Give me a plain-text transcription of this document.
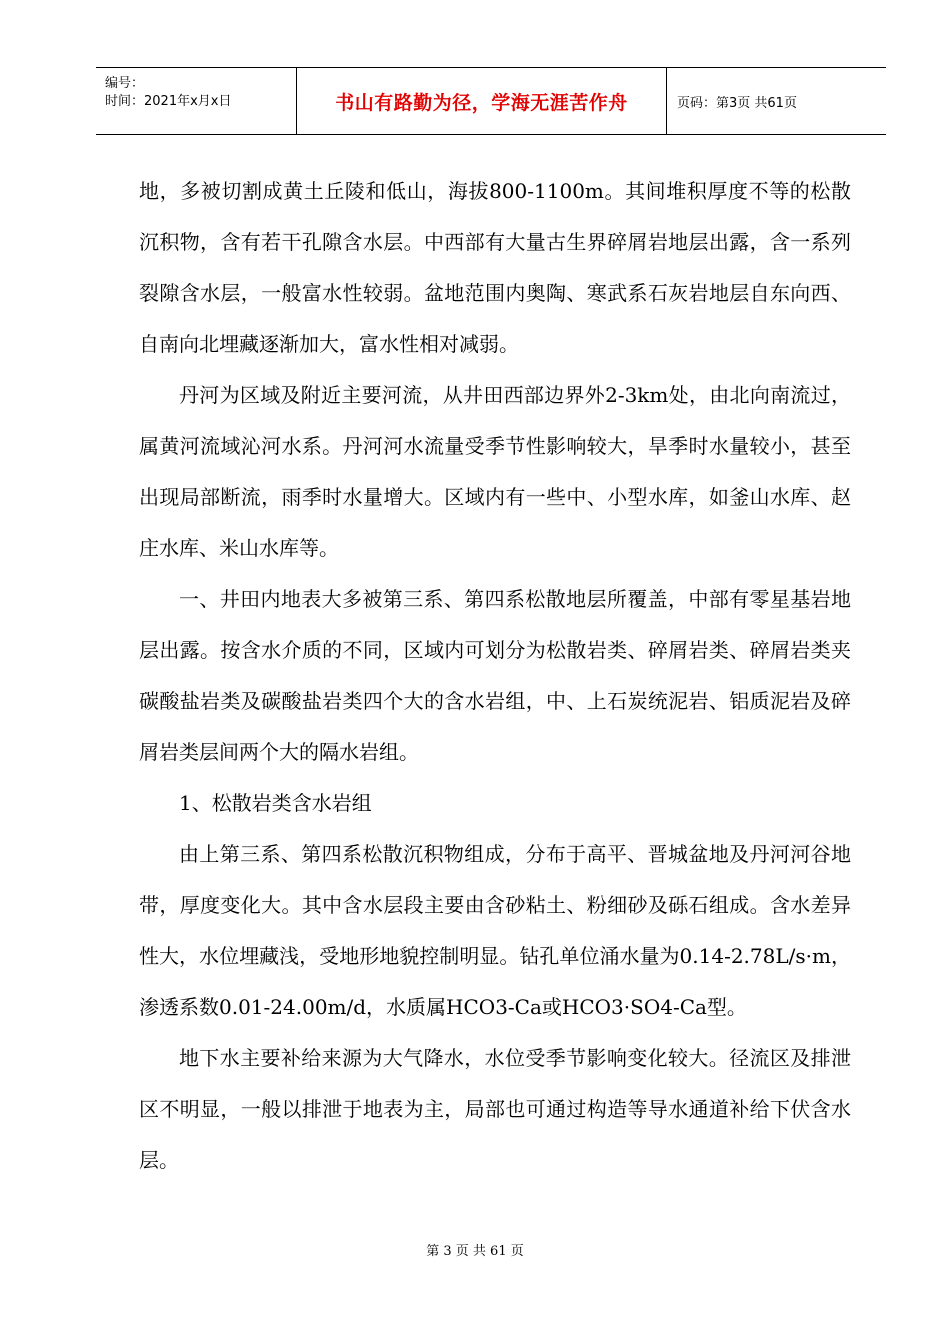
编号：
时间：2021年x月x日	书山有路勤为径，学海无涯苦作舟	页码：第3页 共61页

地，多被切割成黄土丘陵和低山，海拔800-1100m。其间堆积厚度不等的松散沉积物，含有若干孔隙含水层。中西部有大量古生界碎屑岩地层出露，含一系列裂隙含水层，一般富水性较弱。盆地范围内奥陶、寒武系石灰岩地层自东向西、自南向北埋藏逐渐加大，富水性相对减弱。

丹河为区域及附近主要河流，从井田西部边界外2-3km处，由北向南流过，属黄河流域沁河水系。丹河河水流量受季节性影响较大，旱季时水量较小，甚至出现局部断流，雨季时水量增大。区域内有一些中、小型水库，如釜山水库、赵庄水库、米山水库等。

一、井田内地表大多被第三系、第四系松散地层所覆盖，中部有零星基岩地层出露。按含水介质的不同，区域内可划分为松散岩类、碎屑岩类、碎屑岩类夹碳酸盐岩类及碳酸盐岩类四个大的含水岩组，中、上石炭统泥岩、铝质泥岩及碎屑岩类层间两个大的隔水岩组。

1、松散岩类含水岩组

由上第三系、第四系松散沉积物组成，分布于高平、晋城盆地及丹河河谷地带，厚度变化大。其中含水层段主要由含砂粘土、粉细砂及砾石组成。含水差异性大，水位埋藏浅，受地形地貌控制明显。钻孔单位涌水量为0.14-2.78L/s·m，渗透系数0.01-24.00m/d，水质属HCO3-Ca或HCO3·SO4-Ca型。

地下水主要补给来源为大气降水，水位受季节影响变化较大。径流区及排泄区不明显，一般以排泄于地表为主，局部也可通过构造等导水通道补给下伏含水层。

第 3 页 共 61 页
